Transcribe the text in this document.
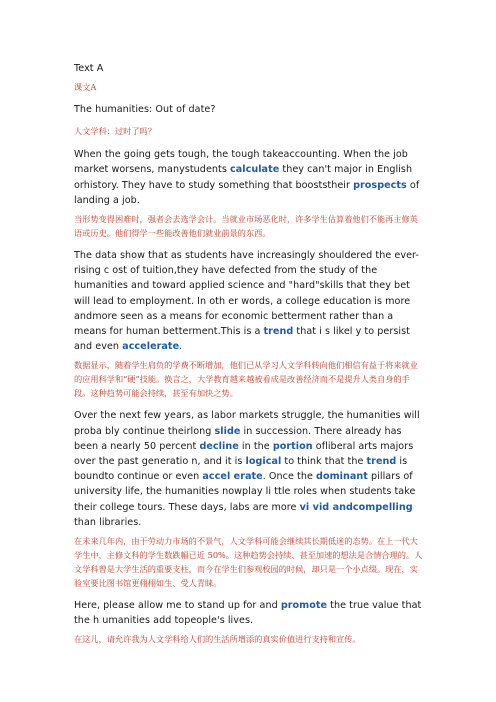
Text A

课文A

The humanities: Out of date?

人文学科：过时了吗？

When the going gets tough, the tough takeaccounting. When the job market worsens, manystudents calculate they can't major in English orhistory. They have to study something that booststheir prospects of landing a job.

当形势变得困难时，强者会去选学会计。当就业市场恶化时，许多学生估算着他们不能再主修英语或历史。他们得学一些能改善他们就业前景的东西。

The data show that as students have increasingly shouldered the ever-rising c ost of tuition,they have defected from the study of the humanities and toward applied science and "hard"skills that they bet will lead to employment. In oth er words, a college education is more andmore seen as a means for economic betterment rather than a means for human betterment.This is a trend that i s likel y to persist and even accelerate.

数据显示，随着学生肩负的学费不断增加，他们已从学习人文学科转向他们相信有益于将来就业的应用科学和“硬”技能。换言之，大学教育越来越被看成是改善经济而不是提升人类自身的手段。这种趋势可能会持续，甚至有加快之势。

Over the next few years, as labor markets struggle, the humanities will proba bly continue theirlong slide in succession. There already has been a nearly 50 percent decline in the portion ofliberal arts majors over the past generatio n, and it is logical to think that the trend is boundto continue or even accel erate. Once the dominant pillars of university life, the humanities nowplay li ttle roles when students take their college tours. These days, labs are more vi vid andcompelling than libraries.

在未来几年内，由于劳动力市场的不景气，人文学科可能会继续其长期低迷的态势。在上一代大学生中，主修文科的学生数跌幅已近 50%。这种趋势会持续、甚至加速的想法是合情合理的。人文学科曾是大学生活的重要支柱，而今在学生们参观校园的时候，却只是一个小点缀。现在，实验室要比图书馆更栩栩如生、受人青睐。

Here, please allow me to stand up for and promote the true value that the h umanities add topeople's lives.

在这儿，请允许我为人文学科给人们的生活所增添的真实价值进行支持和宣传。
